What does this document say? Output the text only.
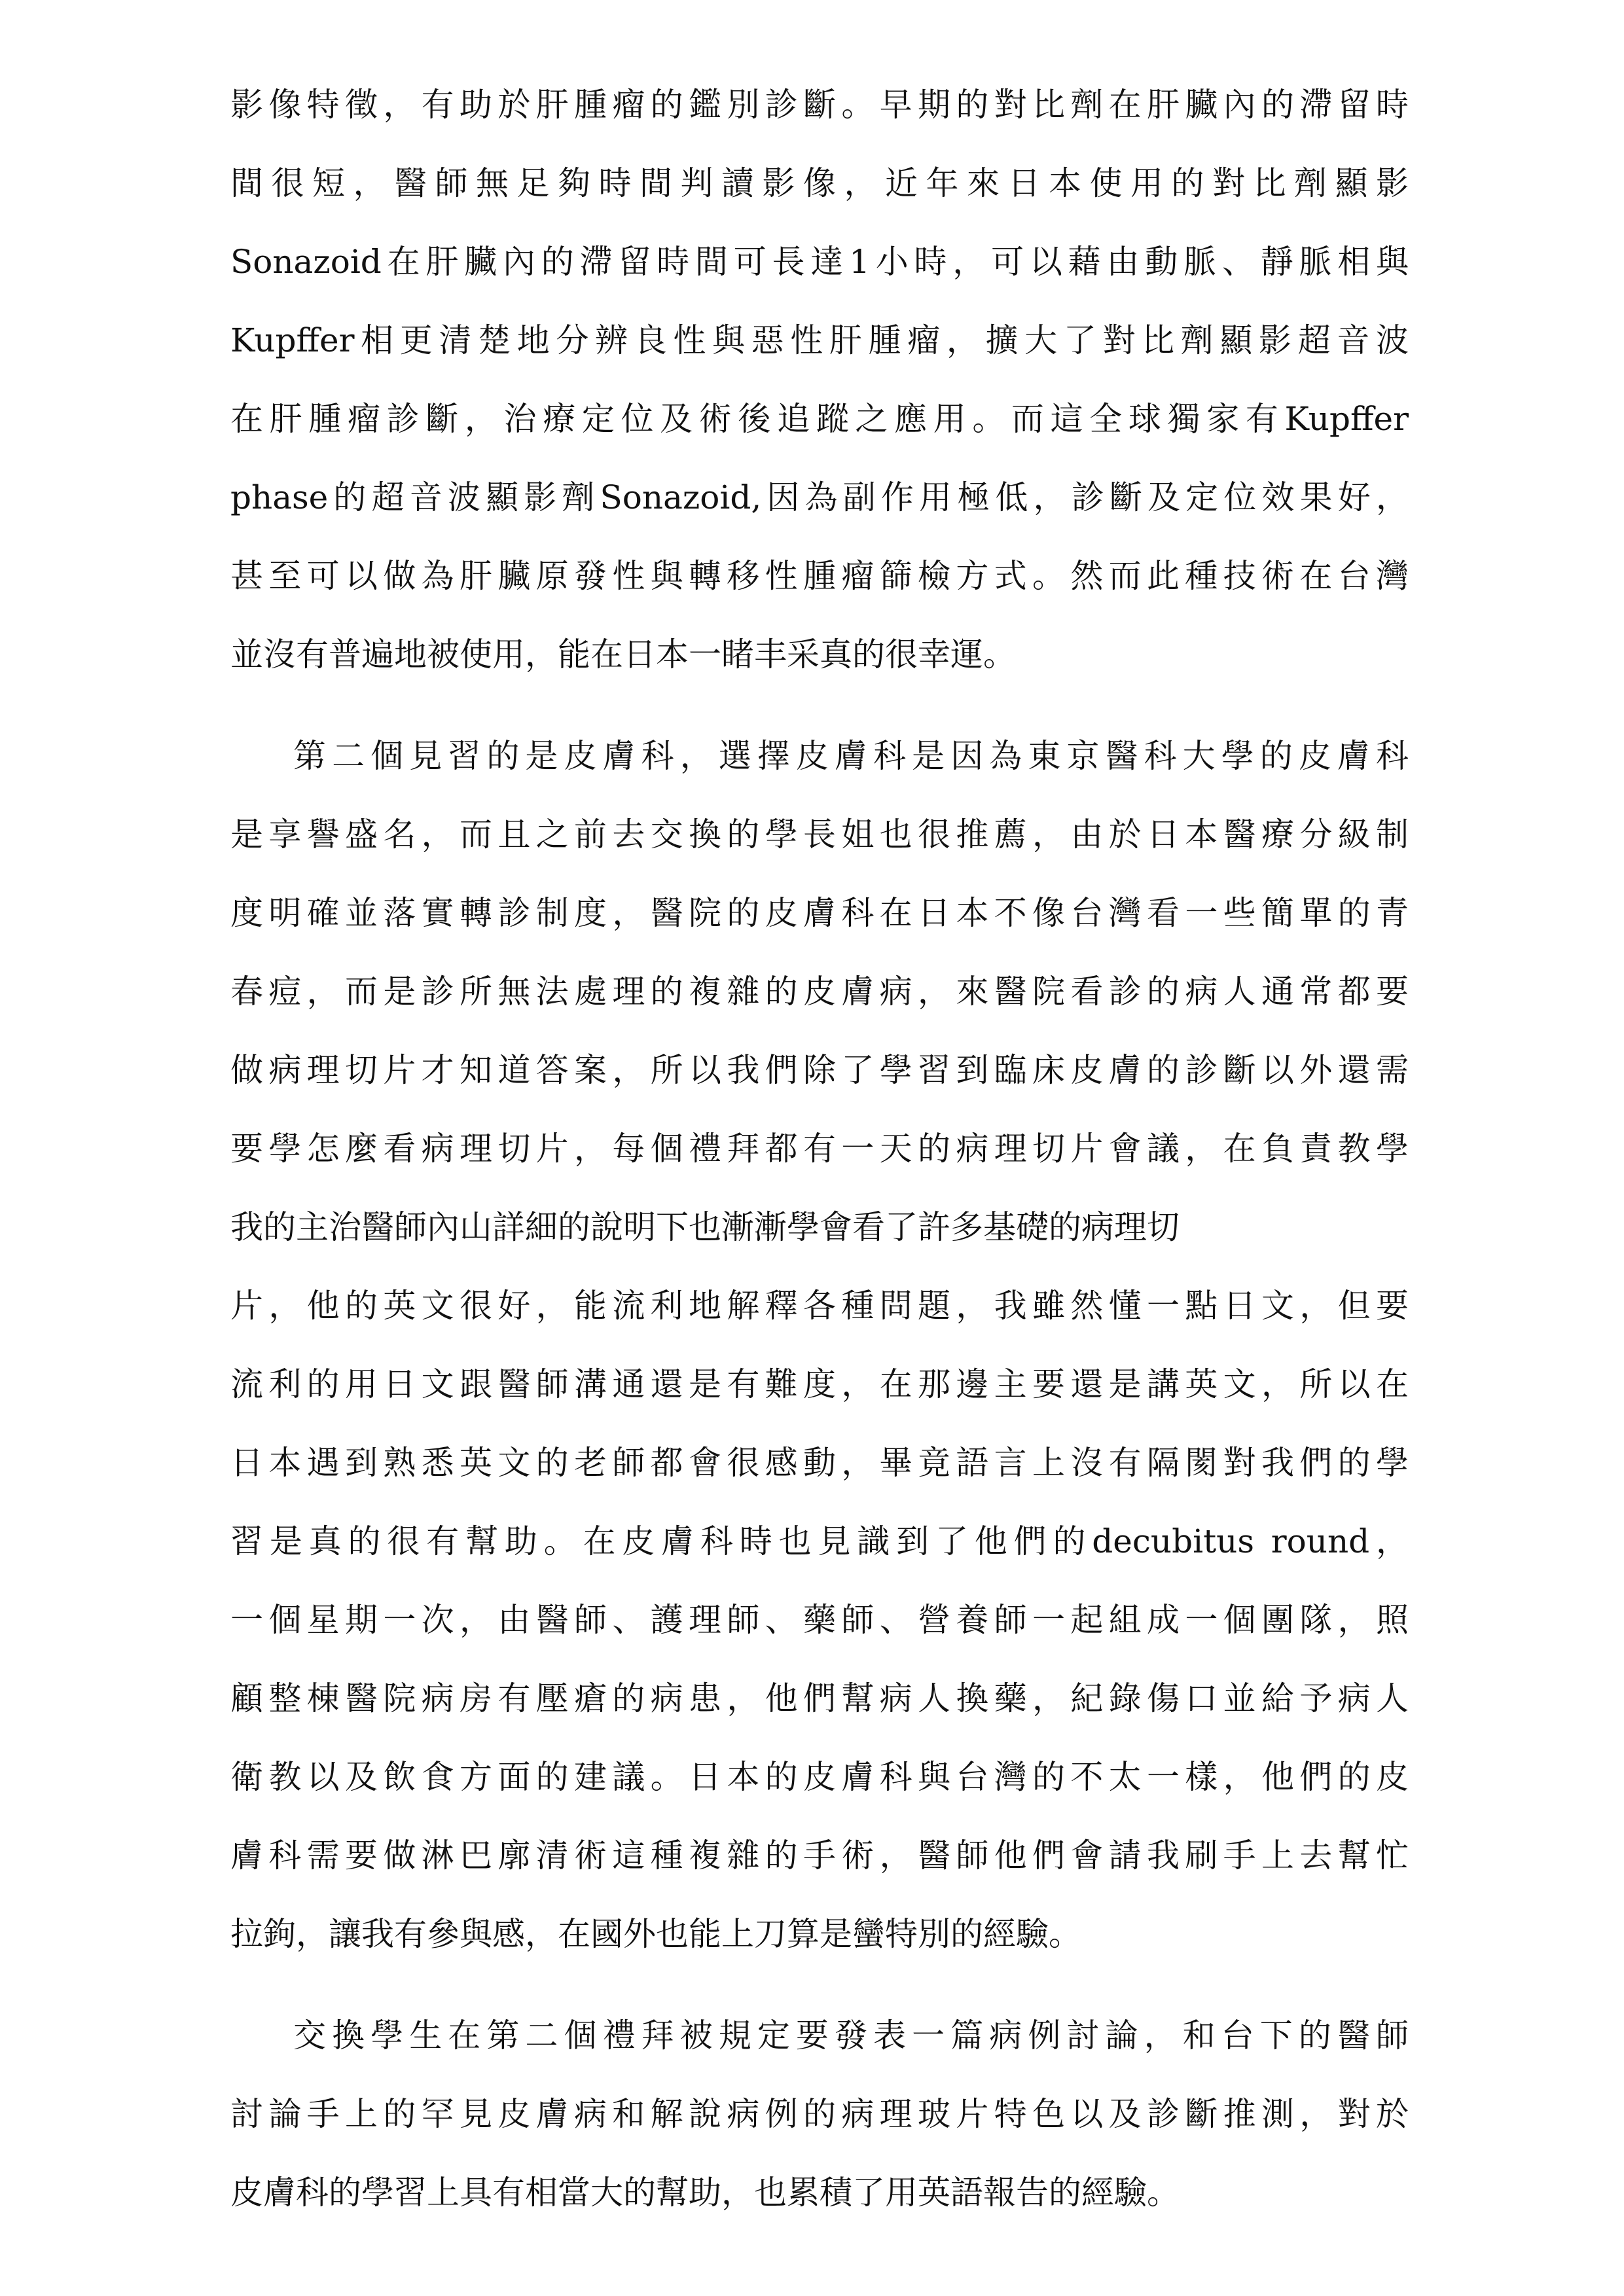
影像特徵，有助於肝腫瘤的鑑別診斷。早期的對比劑在肝臟內的滯留時
間很短，醫師無足夠時間判讀影像，近年來日本使用的對比劑顯影
Sonazoid在肝臟內的滯留時間可長達1小時，可以藉由動脈、靜脈相與
Kupffer相更清楚地分辨良性與惡性肝腫瘤，擴大了對比劑顯影超音波
在肝腫瘤診斷，治療定位及術後追蹤之應用。而這全球獨家有Kupffer
phase的超音波顯影劑Sonazoid,因為副作用極低，診斷及定位效果好，
甚至可以做為肝臟原發性與轉移性腫瘤篩檢方式。然而此種技術在台灣
並沒有普遍地被使用，能在日本一睹丰采真的很幸運。
第二個見習的是皮膚科，選擇皮膚科是因為東京醫科大學的皮膚科
是享譽盛名，而且之前去交換的學長姐也很推薦，由於日本醫療分級制
度明確並落實轉診制度，醫院的皮膚科在日本不像台灣看一些簡單的青
春痘，而是診所無法處理的複雜的皮膚病，來醫院看診的病人通常都要
做病理切片才知道答案，所以我們除了學習到臨床皮膚的診斷以外還需
要學怎麼看病理切片，每個禮拜都有一天的病理切片會議，在負責教學
我的主治醫師內山詳細的說明下也漸漸學會看了許多基礎的病理切
片，他的英文很好，能流利地解釋各種問題，我雖然懂一點日文，但要
流利的用日文跟醫師溝通還是有難度，在那邊主要還是講英文，所以在
日本遇到熟悉英文的老師都會很感動，畢竟語言上沒有隔閡對我們的學
習是真的很有幫助。在皮膚科時也見識到了他們的decubitus round，
一個星期一次，由醫師、護理師、藥師、營養師一起組成一個團隊，照
顧整棟醫院病房有壓瘡的病患，他們幫病人換藥，紀錄傷口並給予病人
衛教以及飲食方面的建議。日本的皮膚科與台灣的不太一樣，他們的皮
膚科需要做淋巴廓清術這種複雜的手術，醫師他們會請我刷手上去幫忙
拉鉤，讓我有參與感，在國外也能上刀算是蠻特別的經驗。
交換學生在第二個禮拜被規定要發表一篇病例討論，和台下的醫師
討論手上的罕見皮膚病和解說病例的病理玻片特色以及診斷推測，對於
皮膚科的學習上具有相當大的幫助，也累積了用英語報告的經驗。
